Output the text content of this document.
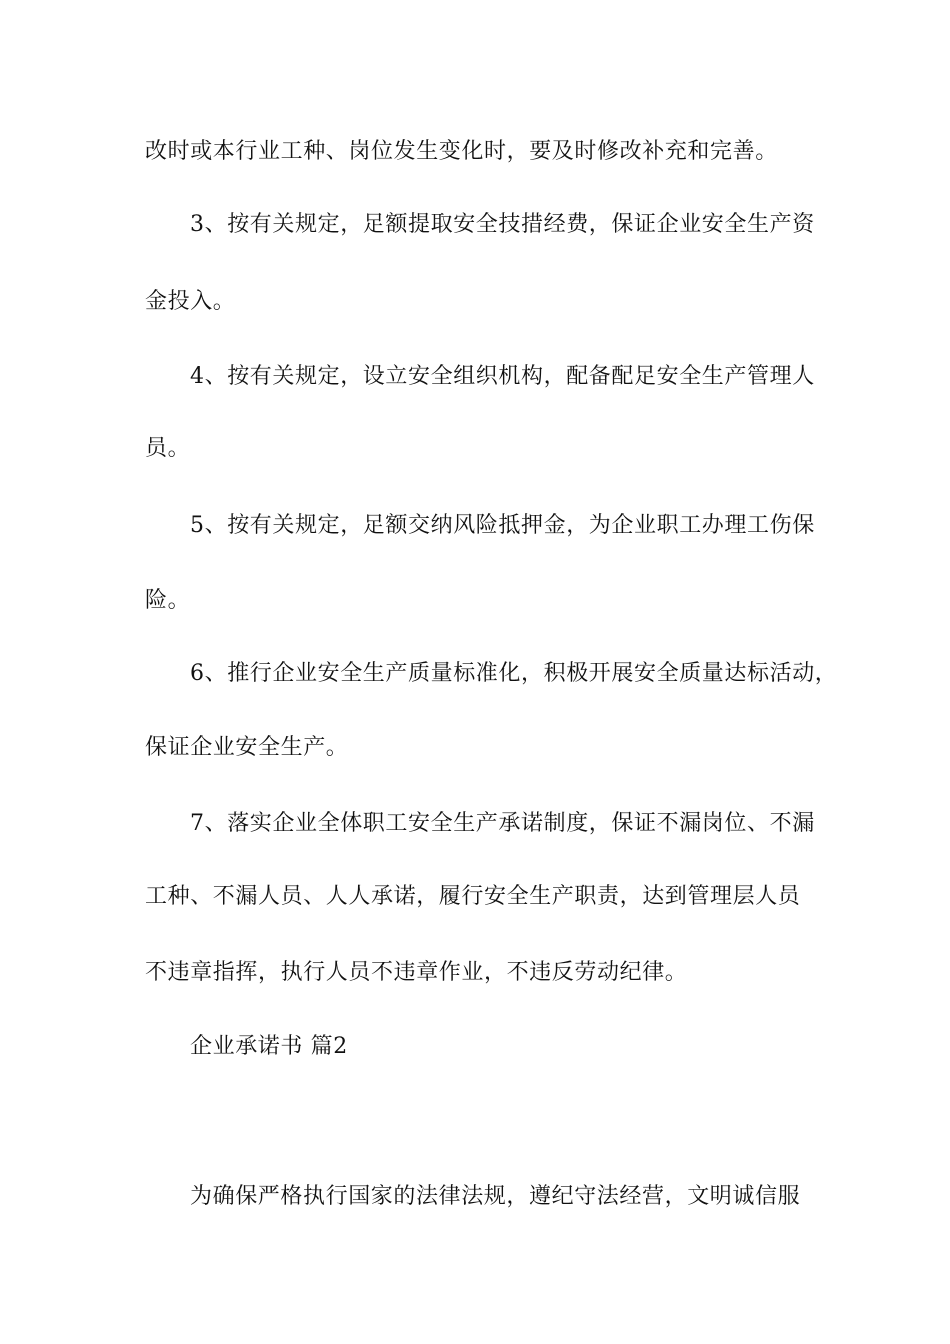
改时或本行业工种、岗位发生变化时，要及时修改补充和完善。
3、按有关规定，足额提取安全技措经费，保证企业安全生产资
金投入。
4、按有关规定，设立安全组织机构，配备配足安全生产管理人
员。
5、按有关规定，足额交纳风险抵押金，为企业职工办理工伤保
险。
6、推行企业安全生产质量标准化，积极开展安全质量达标活动，
保证企业安全生产。
7、落实企业全体职工安全生产承诺制度，保证不漏岗位、不漏
工种、不漏人员、人人承诺，履行安全生产职责，达到管理层人员
不违章指挥，执行人员不违章作业，不违反劳动纪律。
企业承诺书 篇2
为确保严格执行国家的法律法规，遵纪守法经营，文明诚信服
